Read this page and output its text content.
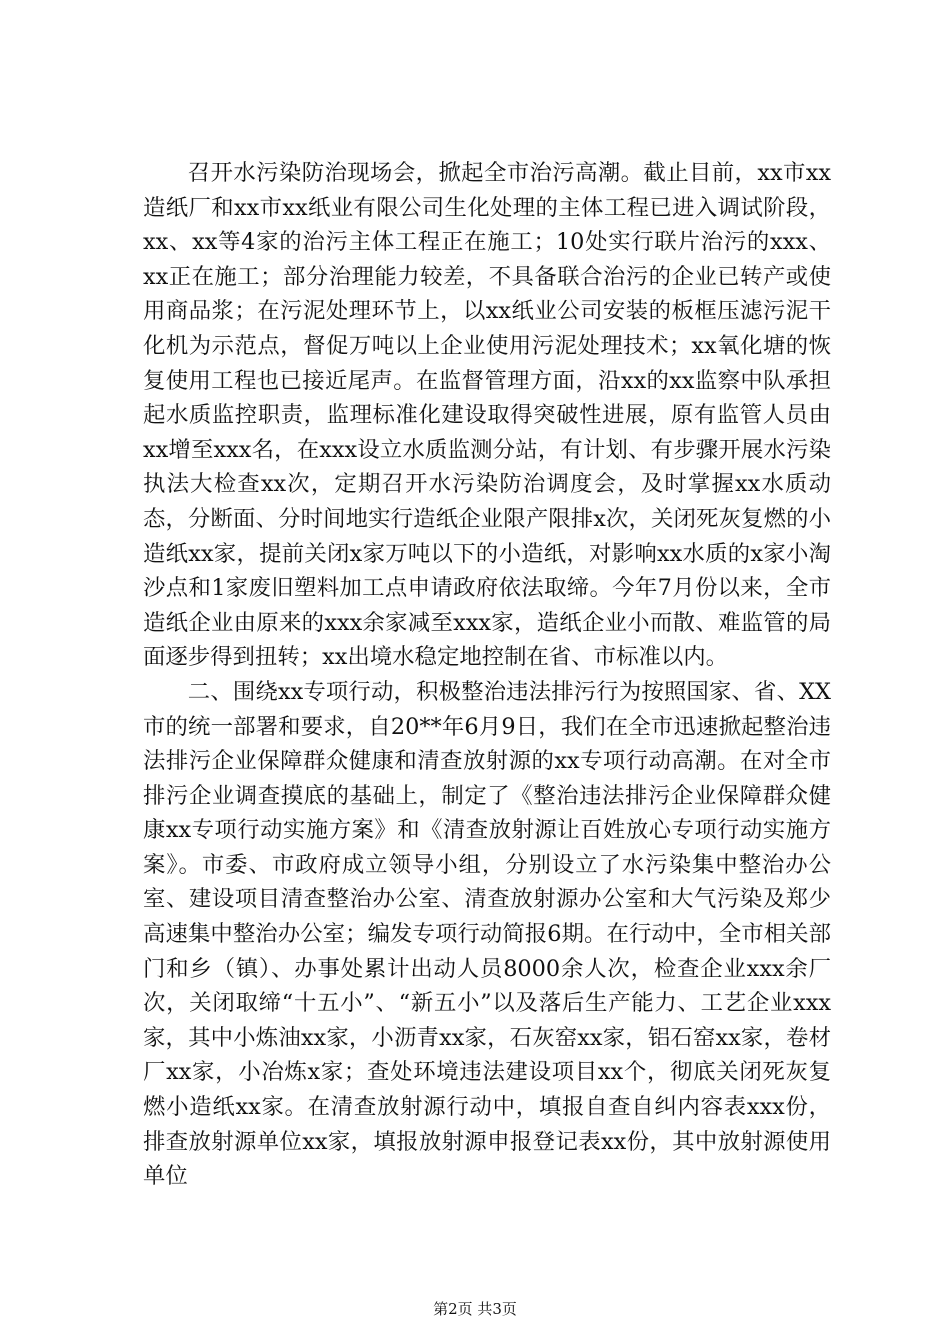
召开水污染防治现场会，掀起全市治污高潮。截止目前，xx市xx造纸厂和xx市xx纸业有限公司生化处理的主体工程已进入调试阶段，xx、xx等4家的治污主体工程正在施工；10处实行联片治污的xxx、xx正在施工；部分治理能力较差，不具备联合治污的企业已转产或使用商品浆；在污泥处理环节上，以xx纸业公司安装的板框压滤污泥干化机为示范点，督促万吨以上企业使用污泥处理技术；xx氧化塘的恢复使用工程也已接近尾声。在监督管理方面，沿xx的xx监察中队承担起水质监控职责，监理标准化建设取得突破性进展，原有监管人员由xx增至xxx名，在xxx设立水质监测分站，有计划、有步骤开展水污染执法大检查xx次，定期召开水污染防治调度会，及时掌握xx水质动态，分断面、分时间地实行造纸企业限产限排x次，关闭死灰复燃的小造纸xx家，提前关闭x家万吨以下的小造纸，对影响xx水质的x家小淘沙点和1家废旧塑料加工点申请政府依法取缔。今年7月份以来，全市造纸企业由原来的xxx余家减至xxx家，造纸企业小而散、难监管的局面逐步得到扭转；xx出境水稳定地控制在省、市标准以内。

二、围绕xx专项行动，积极整治违法排污行为按照国家、省、XX市的统一部署和要求，自20**年6月9日，我们在全市迅速掀起整治违法排污企业保障群众健康和清查放射源的xx专项行动高潮。在对全市排污企业调查摸底的基础上，制定了《整治违法排污企业保障群众健康xx专项行动实施方案》和《清查放射源让百姓放心专项行动实施方案》。市委、市政府成立领导小组，分别设立了水污染集中整治办公室、建设项目清查整治办公室、清查放射源办公室和大气污染及郑少高速集中整治办公室；编发专项行动简报6期。在行动中，全市相关部门和乡（镇）、办事处累计出动人员8000余人次，检查企业xxx余厂次，关闭取缔“十五小”、“新五小”以及落后生产能力、工艺企业xxx家，其中小炼油xx家，小沥青xx家，石灰窑xx家，铝石窑xx家，卷材厂xx家，小冶炼x家；查处环境违法建设项目xx个，彻底关闭死灰复燃小造纸xx家。在清查放射源行动中，填报自查自纠内容表xxx份，排查放射源单位xx家，填报放射源申报登记表xx份，其中放射源使用单位

第2页 共3页
